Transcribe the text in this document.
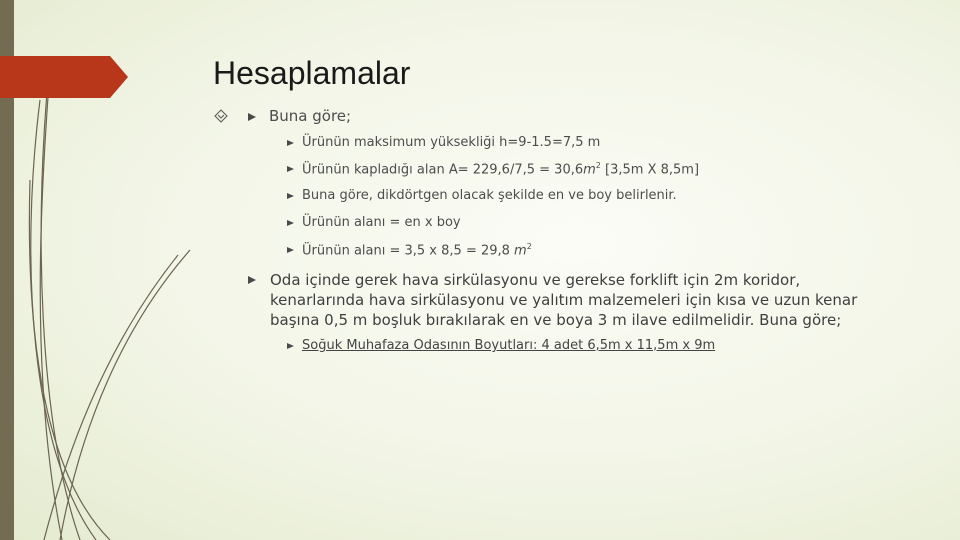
Hesaplamalar
Buna göre;
Ürünün maksimum yüksekliği h=9-1.5=7,5 m
Ürünün kapladığı alan $A= 229,6/7,5 = 30,6m^2$ [3,5m X 8,5m]
Buna göre, dikdörtgen olacak şekilde en ve boy belirlenir.
Ürünün alanı = en x boy
Ürünün alanı = 3,5 x 8,5 = 29,8 $m^2$
Oda içinde gerek hava sirkülasyonu ve gerekse forklift için 2m koridor, kenarlarında hava sirkülasyonu ve yalıtım malzemeleri için kısa ve uzun kenar başına 0,5 m boşluk bırakılarak en ve boya 3 m ilave edilmelidir. Buna göre;
Soğuk Muhafaza Odasının Boyutları: 4 adet 6,5m x 11,5m x 9m
